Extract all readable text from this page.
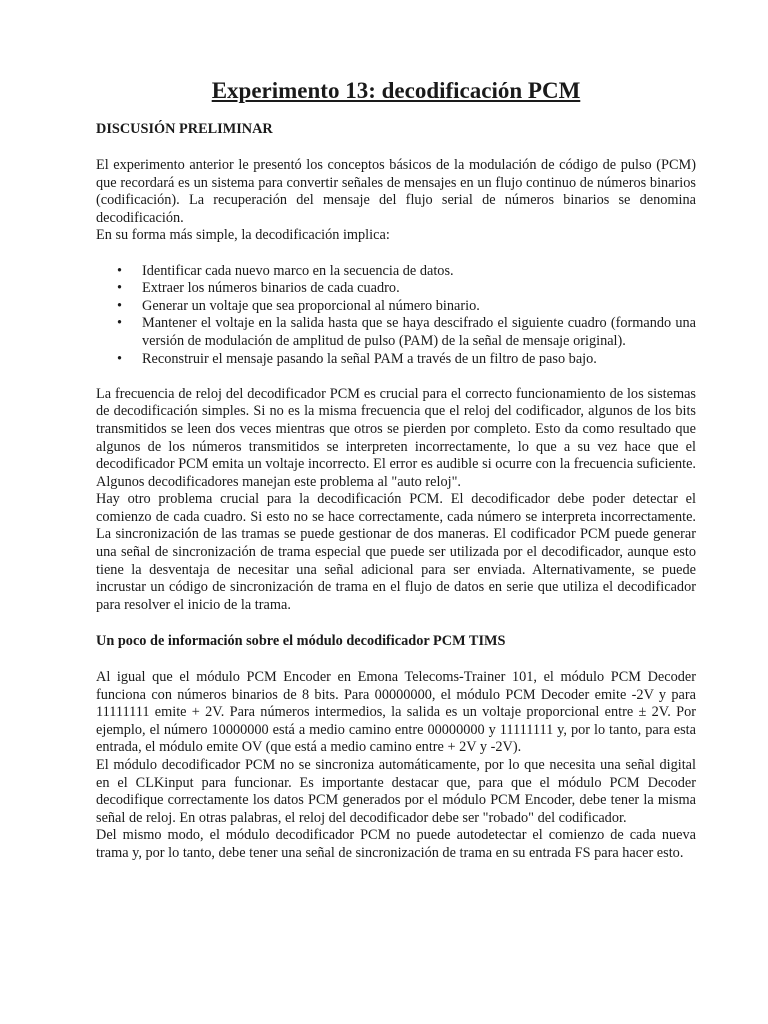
Experimento 13: decodificación PCM
DISCUSIÓN PRELIMINAR

El experimento anterior le presentó los conceptos básicos de la modulación de código de pulso (PCM) que recordará es un sistema para convertir señales de mensajes en un flujo continuo de números binarios (codificación). La recuperación del mensaje del flujo serial de números binarios se denomina decodificación.

En su forma más simple, la decodificación implica:

• Identificar cada nuevo marco en la secuencia de datos.
• Extraer los números binarios de cada cuadro.
• Generar un voltaje que sea proporcional al número binario.
• Mantener el voltaje en la salida hasta que se haya descifrado el siguiente cuadro (formando una versión de modulación de amplitud de pulso (PAM) de la señal de mensaje original).
• Reconstruir el mensaje pasando la señal PAM a través de un filtro de paso bajo.

La frecuencia de reloj del decodificador PCM es crucial para el correcto funcionamiento de los sistemas de decodificación simples. Si no es la misma frecuencia que el reloj del codificador, algunos de los bits transmitidos se leen dos veces mientras que otros se pierden por completo. Esto da como resultado que algunos de los números transmitidos se interpreten incorrectamente, lo que a su vez hace que el decodificador PCM emita un voltaje incorrecto. El error es audible si ocurre con la frecuencia suficiente. Algunos decodificadores manejan este problema al "auto reloj".

Hay otro problema crucial para la decodificación PCM. El decodificador debe poder detectar el comienzo de cada cuadro. Si esto no se hace correctamente, cada número se interpreta incorrectamente. La sincronización de las tramas se puede gestionar de dos maneras. El codificador PCM puede generar una señal de sincronización de trama especial que puede ser utilizada por el decodificador, aunque esto tiene la desventaja de necesitar una señal adicional para ser enviada. Alternativamente, se puede incrustar un código de sincronización de trama en el flujo de datos en serie que utiliza el decodificador para resolver el inicio de la trama.

Un poco de información sobre el módulo decodificador PCM TIMS

Al igual que el módulo PCM Encoder en Emona Telecoms-Trainer 101, el módulo PCM Decoder funciona con números binarios de 8 bits. Para 00000000, el módulo PCM Decoder emite -2V y para 11111111 emite + 2V. Para números intermedios, la salida es un voltaje proporcional entre ± 2V. Por ejemplo, el número 10000000 está a medio camino entre 00000000 y 11111111 y, por lo tanto, para esta entrada, el módulo emite OV (que está a medio camino entre + 2V y -2V).

El módulo decodificador PCM no se sincroniza automáticamente, por lo que necesita una señal digital en el CLKinput para funcionar. Es importante destacar que, para que el módulo PCM Decoder decodifique correctamente los datos PCM generados por el módulo PCM Encoder, debe tener la misma señal de reloj. En otras palabras, el reloj del decodificador debe ser "robado" del codificador.

Del mismo modo, el módulo decodificador PCM no puede autodetectar el comienzo de cada nueva trama y, por lo tanto, debe tener una señal de sincronización de trama en su entrada FS para hacer esto.
